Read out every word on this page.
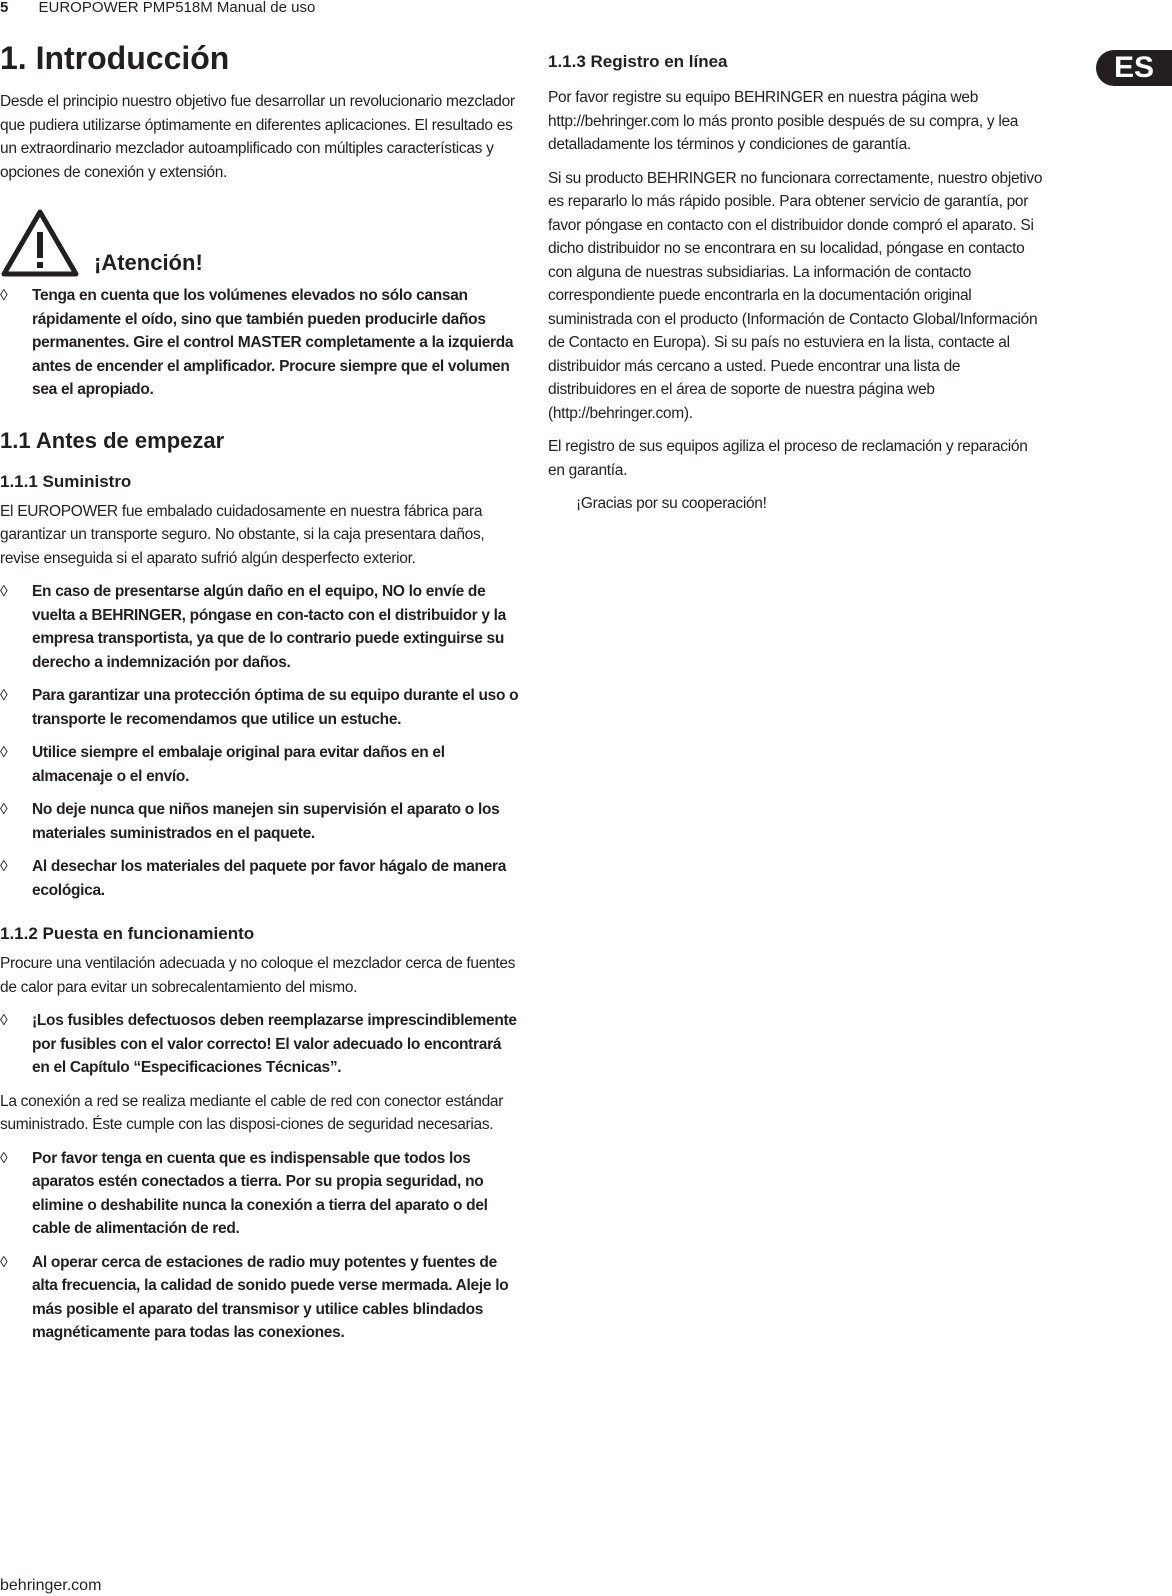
5 EUROPOWER PMP518M Manual de uso
ES
1. Introducción

Desde el principio nuestro objetivo fue desarrollar un revolucionario mezclador que pudiera utilizarse óptimamente en diferentes aplicaciones. El resultado es un extraordinario mezclador autoamplificado con múltiples características y opciones de conexión y extensión.

¡Atención!
◊ Tenga en cuenta que los volúmenes elevados no sólo cansan rápidamente el oído, sino que también pueden producirle daños permanentes. Gire el control MASTER completamente a la izquierda antes de encender el amplificador. Procure siempre que el volumen sea el apropiado.
1.1 Antes de empezar
1.1.1 Suministro

El EUROPOWER fue embalado cuidadosamente en nuestra fábrica para garantizar un transporte seguro. No obstante, si la caja presentara daños, revise enseguida si el aparato sufrió algún desperfecto exterior.

◊ En caso de presentarse algún daño en el equipo, NO lo envíe de vuelta a BEHRINGER, póngase en con-tacto con el distribuidor y la empresa transportista, ya que de lo contrario puede extinguirse su derecho a indemnización por daños.
◊ Para garantizar una protección óptima de su equipo durante el uso o transporte le recomendamos que utilice un estuche.
◊ Utilice siempre el embalaje original para evitar daños en el almacenaje o el envío.
◊ No deje nunca que niños manejen sin supervisión el aparato o los materiales suministrados en el paquete.
◊ Al desechar los materiales del paquete por favor hágalo de manera ecológica.
1.1.2 Puesta en funcionamiento

Procure una ventilación adecuada y no coloque el mezclador cerca de fuentes de calor para evitar un sobrecalentamiento del mismo.

◊ ¡Los fusibles defectuosos deben reemplazarse imprescindiblemente por fusibles con el valor correcto! El valor adecuado lo encontrará en el Capítulo “Especificaciones Técnicas”.

La conexión a red se realiza mediante el cable de red con conector estándar suministrado. Éste cumple con las disposi-ciones de seguridad necesarias.

◊ Por favor tenga en cuenta que es indispensable que todos los aparatos estén conectados a tierra. Por su propia seguridad, no elimine o deshabilite nunca la conexión a tierra del aparato o del cable de alimentación de red.
◊ Al operar cerca de estaciones de radio muy potentes y fuentes de alta frecuencia, la calidad de sonido puede verse mermada. Aleje lo más posible el aparato del transmisor y utilice cables blindados magnéticamente para todas las conexiones.
1.1.3 Registro en línea

Por favor registre su equipo BEHRINGER en nuestra página web http://behringer.com lo más pronto posible después de su compra, y lea detalladamente los términos y condiciones de garantía.

Si su producto BEHRINGER no funcionara correctamente, nuestro objetivo es repararlo lo más rápido posible. Para obtener servicio de garantía, por favor póngase en contacto con el distribuidor donde compró el aparato. Si dicho distribuidor no se encontrara en su localidad, póngase en contacto con alguna de nuestras subsidiarias. La información de contacto correspondiente puede encontrarla en la documentación original suministrada con el producto (Información de Contacto Global/Información de Contacto en Europa). Si su país no estuviera en la lista, contacte al distribuidor más cercano a usted. Puede encontrar una lista de distribuidores en el área de soporte de nuestra página web (http://behringer.com).

El registro de sus equipos agiliza el proceso de reclamación y reparación en garantía.

¡Gracias por su cooperación!

behringer.com
